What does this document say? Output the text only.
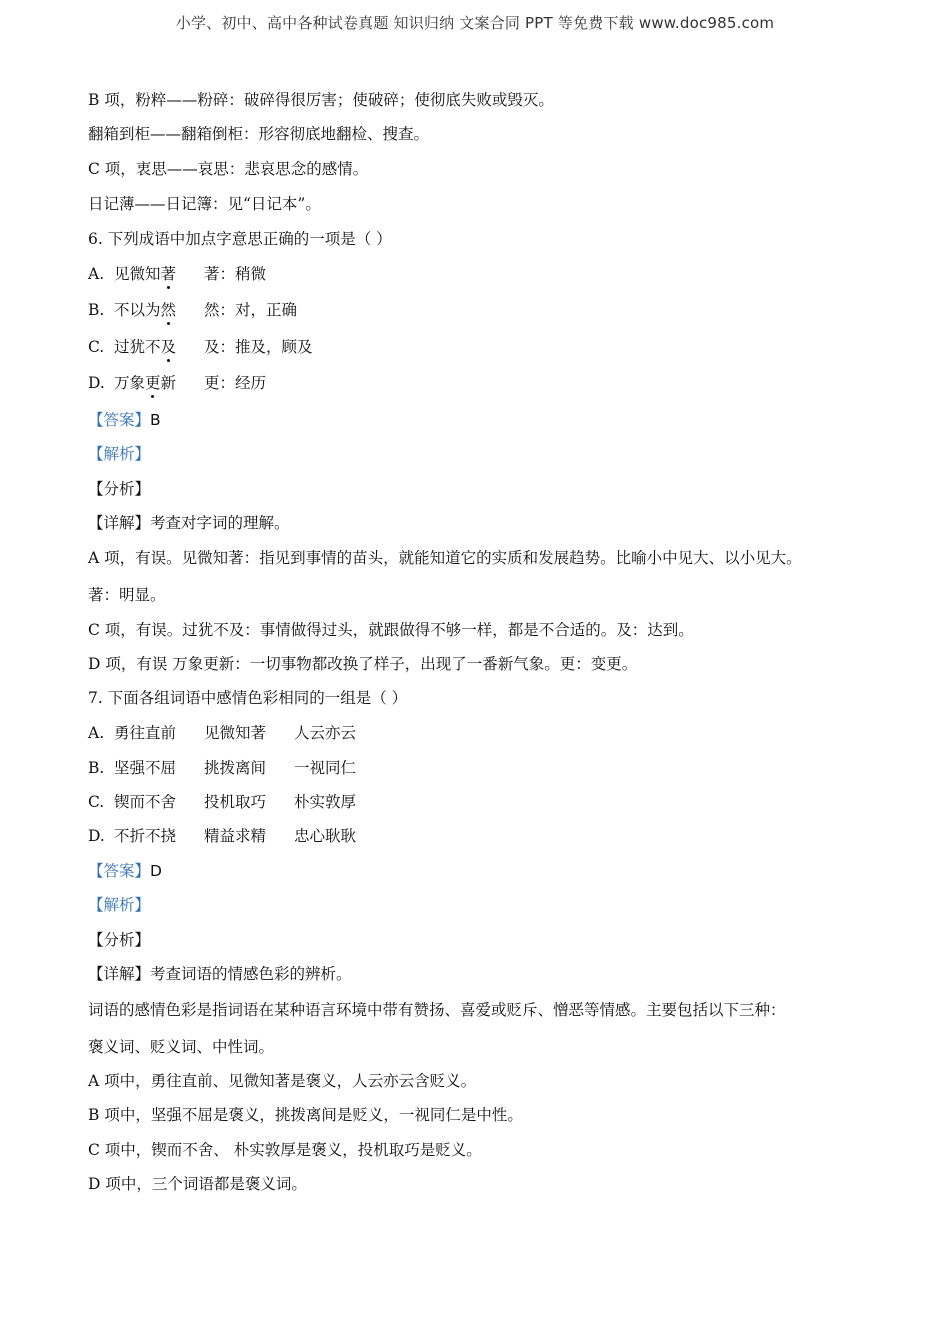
小学、初中、高中各种试卷真题 知识归纳 文案合同 PPT 等免费下载 www.doc985.com
B 项，粉粹——粉碎：破碎得很厉害；使破碎；使彻底失败或毁灭。
翻箱到柜——翻箱倒柜：形容彻底地翻检、搜查。
C 项，衷思——哀思：悲哀思念的感情。
日记薄——日记簿：见“日记本”。
6. 下列成语中加点字意思正确的一项是（ ）
A. 见微知著 著：稍微
B. 不以为然 然：对，正确
C. 过犹不及 及：推及，顾及
D. 万象更新 更：经历
【答案】B
【解析】
【分析】
【详解】考查对字词的理解。
A 项，有误。见微知著：指见到事情的苗头，就能知道它的实质和发展趋势。比喻小中见大、以小见大。
著：明显。
C 项，有误。过犹不及：事情做得过头，就跟做得不够一样，都是不合适的。及：达到。
D 项，有误 万象更新：一切事物都改换了样子，出现了一番新气象。更：变更。
7. 下面各组词语中感情色彩相同的一组是（ ）
A. 勇往直前 见微知著 人云亦云
B. 坚强不屈 挑拨离间 一视同仁
C. 锲而不舍 投机取巧 朴实敦厚
D. 不折不挠 精益求精 忠心耿耿
【答案】D
【解析】
【分析】
【详解】考查词语的情感色彩的辨析。
词语的感情色彩是指词语在某种语言环境中带有赞扬、喜爱或贬斥、憎恶等情感。主要包括以下三种：
褒义词、贬义词、中性词。
A 项中，勇往直前、见微知著是褒义，人云亦云含贬义。
B 项中，坚强不屈是褒义，挑拨离间是贬义，一视同仁是中性。
C 项中，锲而不舍、 朴实敦厚是褒义，投机取巧是贬义。
D 项中，三个词语都是褒义词。
